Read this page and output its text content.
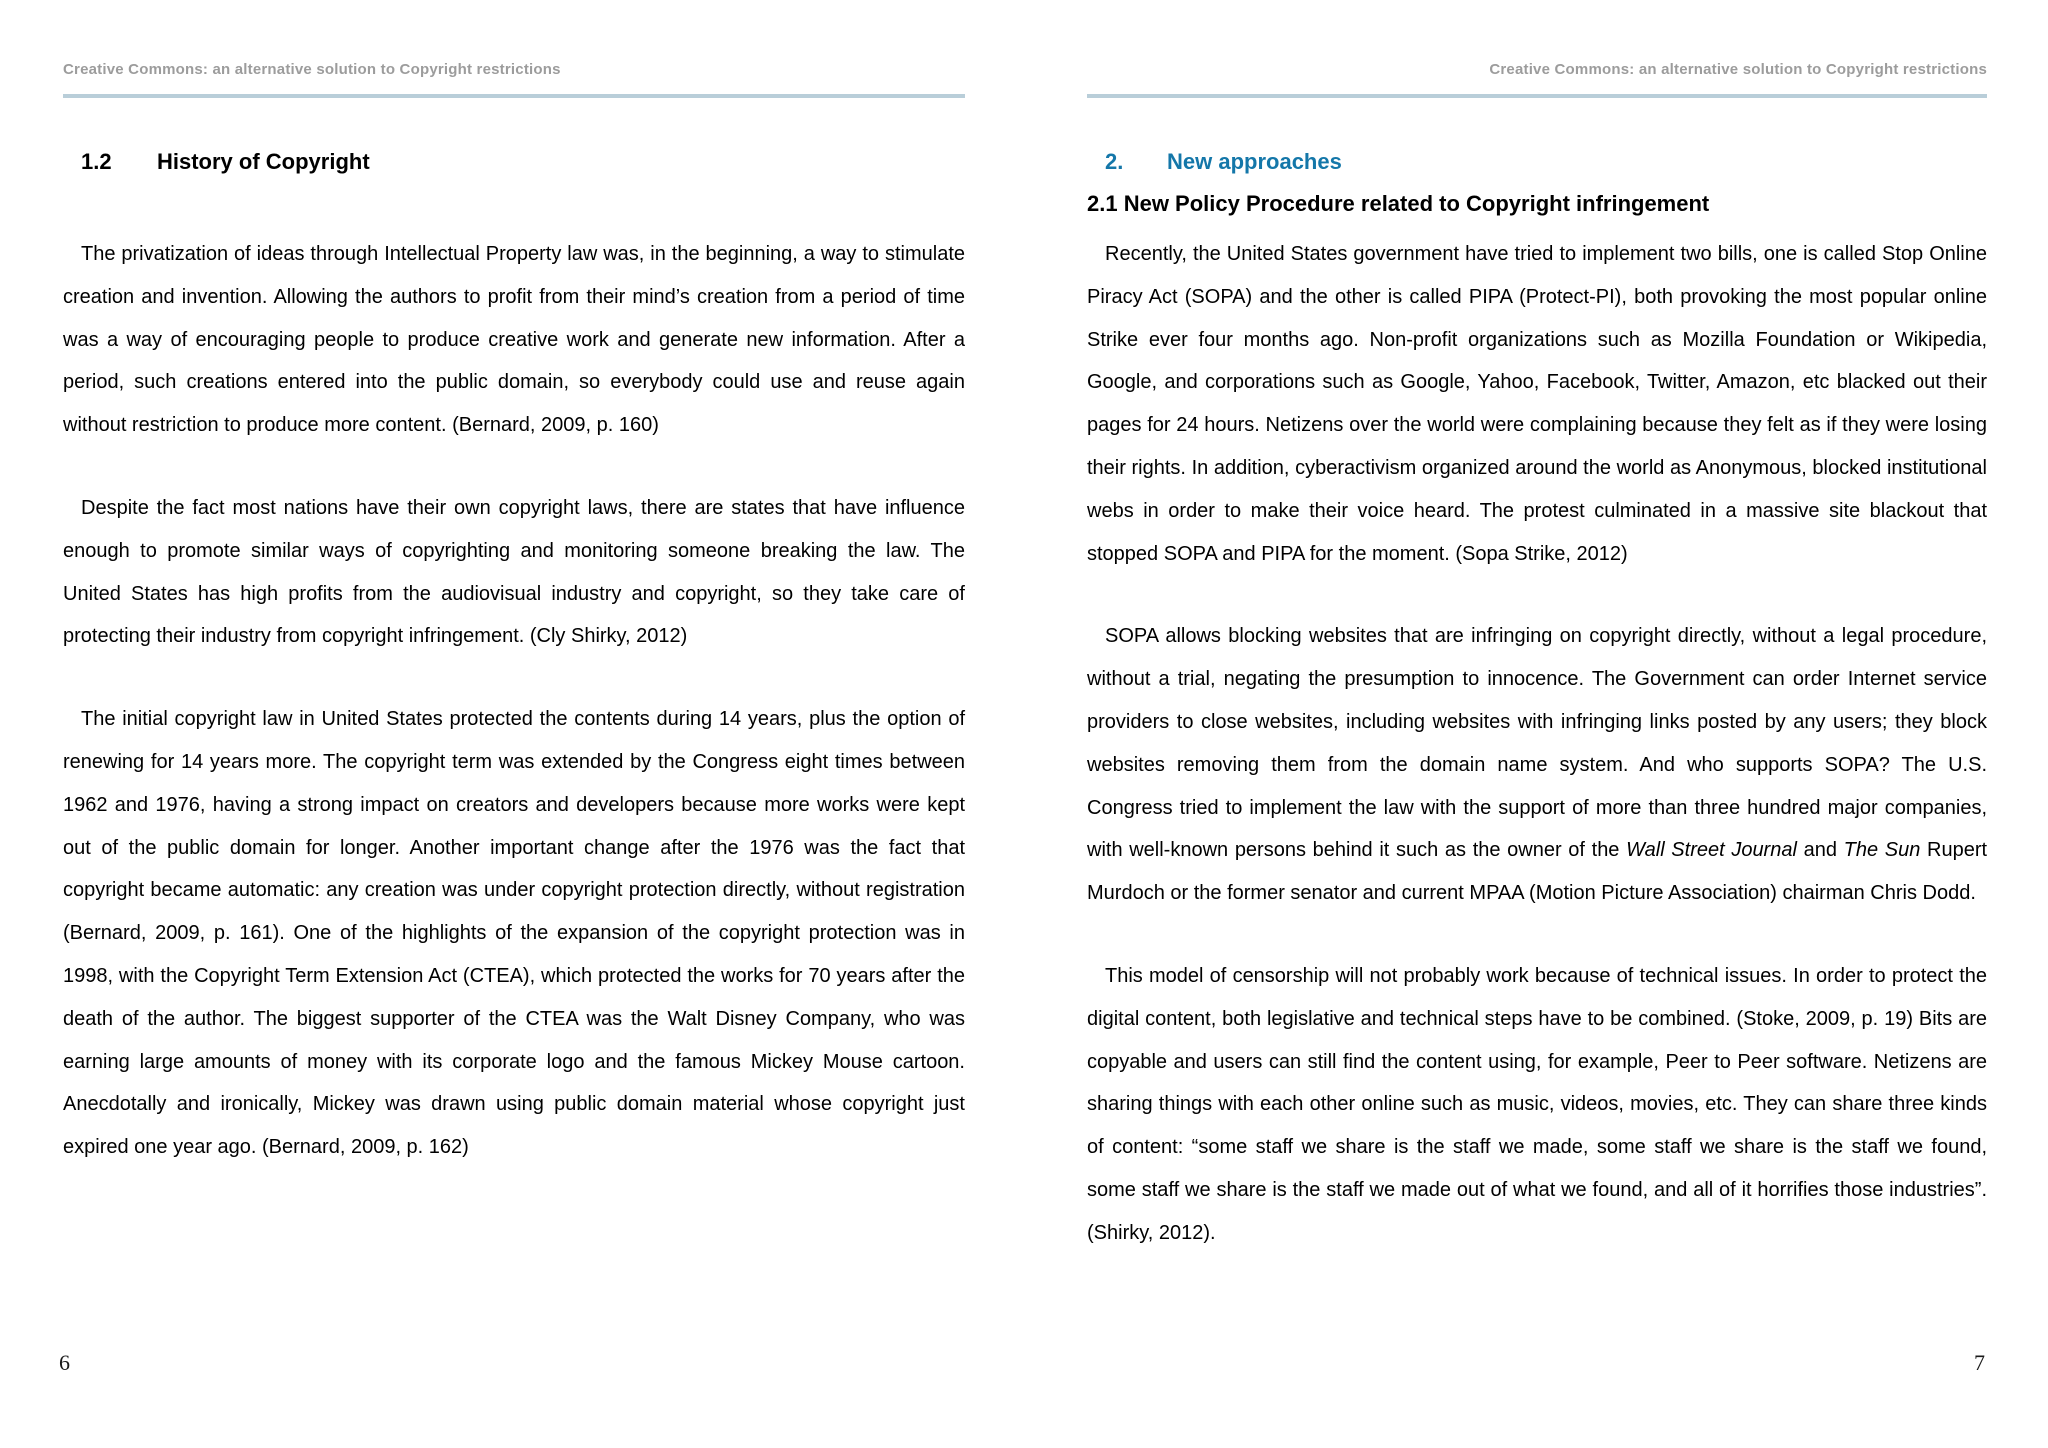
Creative Commons: an alternative solution to Copyright restrictions
1.2	History of Copyright

The privatization of ideas through Intellectual Property law was, in the beginning, a way to stimulate creation and invention. Allowing the authors to profit from their mind’s creation from a period of time was a way of encouraging people to produce creative work and generate new information. After a period, such creations entered into the public domain, so everybody could use and reuse again without restriction to produce more content. (Bernard, 2009, p. 160)

Despite the fact most nations have their own copyright laws, there are states that have influence enough to promote similar ways of copyrighting and monitoring someone breaking the law. The United States has high profits from the audiovisual industry and copyright, so they take care of protecting their industry from copyright infringement. (Cly Shirky, 2012)

The initial copyright law in United States protected the contents during 14 years, plus the option of renewing for 14 years more. The copyright term was extended by the Congress eight times between 1962 and 1976, having a strong impact on creators and developers because more works were kept out of the public domain for longer. Another important change after the 1976 was the fact that copyright became automatic: any creation was under copyright protection directly, without registration (Bernard, 2009, p. 161). One of the highlights of the expansion of the copyright protection was in 1998, with the Copyright Term Extension Act (CTEA), which protected the works for 70 years after the death of the author. The biggest supporter of the CTEA was the Walt Disney Company, who was earning large amounts of money with its corporate logo and the famous Mickey Mouse cartoon. Anecdotally and ironically, Mickey was drawn using public domain material whose copyright just expired one year ago. (Bernard, 2009, p. 162)

6
Creative Commons: an alternative solution to Copyright restrictions
2.	New approaches
2.1 New Policy Procedure related to Copyright infringement

Recently, the United States government have tried to implement two bills, one is called Stop Online Piracy Act (SOPA) and the other is called PIPA (Protect-PI), both provoking the most popular online Strike ever four months ago. Non-profit organizations such as Mozilla Foundation or Wikipedia, Google, and corporations such as Google, Yahoo, Facebook, Twitter, Amazon, etc blacked out their pages for 24 hours. Netizens over the world were complaining because they felt as if they were losing their rights. In addition, cyberactivism organized around the world as Anonymous, blocked institutional webs in order to make their voice heard. The protest culminated in a massive site blackout that stopped SOPA and PIPA for the moment. (Sopa Strike, 2012)

SOPA allows blocking websites that are infringing on copyright directly, without a legal procedure, without a trial, negating the presumption to innocence. The Government can order Internet service providers to close websites, including websites with infringing links posted by any users; they block websites removing them from the domain name system. And who supports SOPA? The U.S. Congress tried to implement the law with the support of more than three hundred major companies, with well-known persons behind it such as the owner of the Wall Street Journal and The Sun Rupert Murdoch or the former senator and current MPAA (Motion Picture Association) chairman Chris Dodd.

This model of censorship will not probably work because of technical issues. In order to protect the digital content, both legislative and technical steps have to be combined. (Stoke, 2009, p. 19) Bits are copyable and users can still find the content using, for example, Peer to Peer software. Netizens are sharing things with each other online such as music, videos, movies, etc. They can share three kinds of content: “some staff we share is the staff we made, some staff we share is the staff we found, some staff we share is the staff we made out of what we found, and all of it horrifies those industries”. (Shirky, 2012).

7
